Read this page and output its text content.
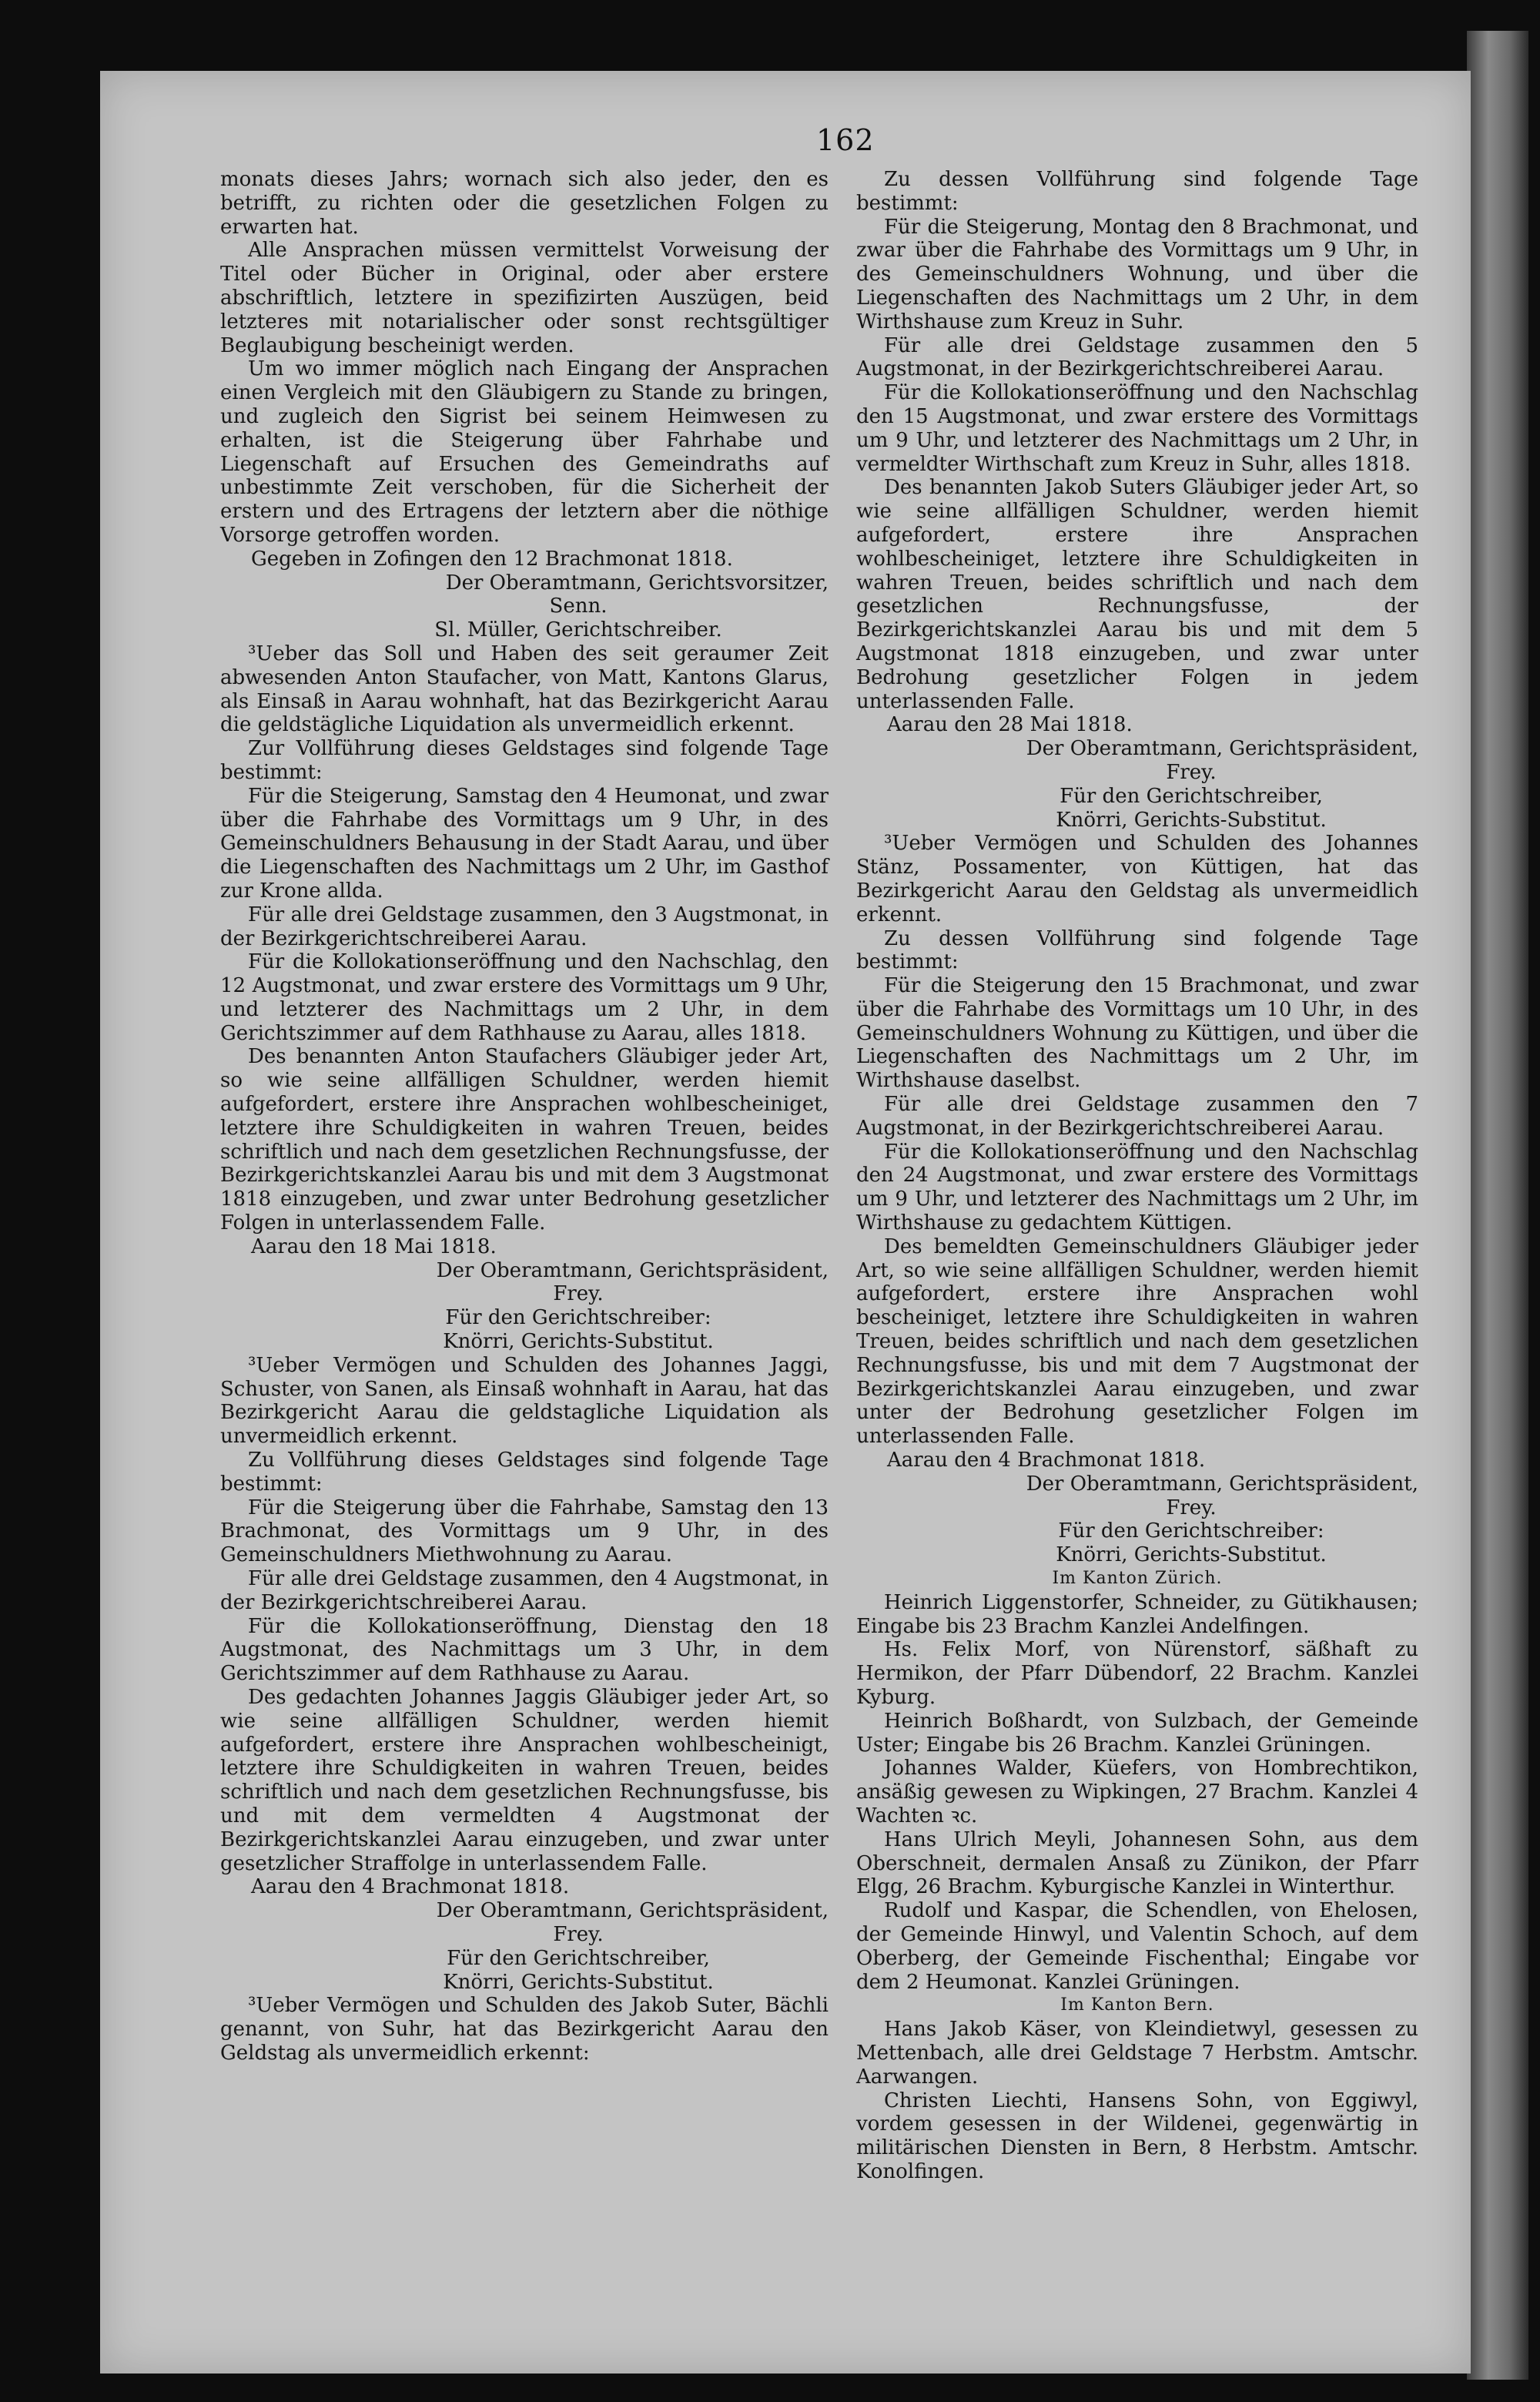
162

monats dieses Jahrs; wornach sich also jeder, den es betrifft, zu richten oder die gesetzlichen Folgen zu erwarten hat.

Alle Ansprachen müssen vermittelst Vorweisung der Titel oder Bücher in Original, oder aber erstere abschriftlich, letztere in spezifizirten Auszügen, beid letzteres mit notarialischer oder sonst rechtsgültiger Beglaubigung bescheinigt werden.

Um wo immer möglich nach Eingang der Ansprachen einen Vergleich mit den Gläubigern zu Stande zu bringen, und zugleich den Sigrist bei seinem Heimwesen zu erhalten, ist die Steigerung über Fahrhabe und Liegenschaft auf Ersuchen des Gemeindraths auf unbestimmte Zeit verschoben, für die Sicherheit der erstern und des Ertragens der letztern aber die nöthige Vorsorge getroffen worden.

Gegeben in Zofingen den 12 Brachmonat 1818.

Der Oberamtmann, Gerichtsvorsitzer,

Senn.

Sl. Müller, Gerichtschreiber.

³Ueber das Soll und Haben des seit geraumer Zeit abwesenden Anton Staufacher, von Matt, Kantons Glarus, als Einsaß in Aarau wohnhaft, hat das Bezirkgericht Aarau die geldstägliche Liquidation als unvermeidlich erkennt.

Zur Vollführung dieses Geldstages sind folgende Tage bestimmt:

Für die Steigerung, Samstag den 4 Heumonat, und zwar über die Fahrhabe des Vormittags um 9 Uhr, in des Gemeinschuldners Behausung in der Stadt Aarau, und über die Liegenschaften des Nachmittags um 2 Uhr, im Gasthof zur Krone allda.

Für alle drei Geldstage zusammen, den 3 Augstmonat, in der Bezirkgerichtschreiberei Aarau.

Für die Kollokationseröffnung und den Nachschlag, den 12 Augstmonat, und zwar erstere des Vormittags um 9 Uhr, und letzterer des Nachmittags um 2 Uhr, in dem Gerichtszimmer auf dem Rathhause zu Aarau, alles 1818.

Des benannten Anton Staufachers Gläubiger jeder Art, so wie seine allfälligen Schuldner, werden hiemit aufgefordert, erstere ihre Ansprachen wohlbescheiniget, letztere ihre Schuldigkeiten in wahren Treuen, beides schriftlich und nach dem gesetzlichen Rechnungsfusse, der Bezirkgerichtskanzlei Aarau bis und mit dem 3 Augstmonat 1818 einzugeben, und zwar unter Bedrohung gesetzlicher Folgen in unterlassendem Falle.

Aarau den 18 Mai 1818.

Der Oberamtmann, Gerichtspräsident,

Frey.

Für den Gerichtschreiber:

Knörri, Gerichts-Substitut.

³Ueber Vermögen und Schulden des Johannes Jaggi, Schuster, von Sanen, als Einsaß wohnhaft in Aarau, hat das Bezirkgericht Aarau die geldstagliche Liquidation als unvermeidlich erkennt.

Zu Vollführung dieses Geldstages sind folgende Tage bestimmt:

Für die Steigerung über die Fahrhabe, Samstag den 13 Brachmonat, des Vormittags um 9 Uhr, in des Gemeinschuldners Miethwohnung zu Aarau.

Für alle drei Geldstage zusammen, den 4 Augstmonat, in der Bezirkgerichtschreiberei Aarau.

Für die Kollokationseröffnung, Dienstag den 18 Augstmonat, des Nachmittags um 3 Uhr, in dem Gerichtszimmer auf dem Rathhause zu Aarau.

Des gedachten Johannes Jaggis Gläubiger jeder Art, so wie seine allfälligen Schuldner, werden hiemit aufgefordert, erstere ihre Ansprachen wohlbescheinigt, letztere ihre Schuldigkeiten in wahren Treuen, beides schriftlich und nach dem gesetzlichen Rechnungsfusse, bis und mit dem vermeldten 4 Augstmonat der Bezirkgerichtskanzlei Aarau einzugeben, und zwar unter gesetzlicher Straffolge in unterlassendem Falle.

Aarau den 4 Brachmonat 1818.

Der Oberamtmann, Gerichtspräsident,

Frey.

Für den Gerichtschreiber,

Knörri, Gerichts-Substitut.

³Ueber Vermögen und Schulden des Jakob Suter, Bächli genannt, von Suhr, hat das Bezirkgericht Aarau den Geldstag als unvermeidlich erkennt:

Zu dessen Vollführung sind folgende Tage bestimmt:

Für die Steigerung, Montag den 8 Brachmonat, und zwar über die Fahrhabe des Vormittags um 9 Uhr, in des Gemeinschuldners Wohnung, und über die Liegenschaften des Nachmittags um 2 Uhr, in dem Wirthshause zum Kreuz in Suhr.

Für alle drei Geldstage zusammen den 5 Augstmonat, in der Bezirkgerichtschreiberei Aarau.

Für die Kollokationseröffnung und den Nachschlag den 15 Augstmonat, und zwar erstere des Vormittags um 9 Uhr, und letzterer des Nachmittags um 2 Uhr, in vermeldter Wirthschaft zum Kreuz in Suhr, alles 1818.

Des benannten Jakob Suters Gläubiger jeder Art, so wie seine allfälligen Schuldner, werden hiemit aufgefordert, erstere ihre Ansprachen wohlbescheiniget, letztere ihre Schuldigkeiten in wahren Treuen, beides schriftlich und nach dem gesetzlichen Rechnungsfusse, der Bezirkgerichtskanzlei Aarau bis und mit dem 5 Augstmonat 1818 einzugeben, und zwar unter Bedrohung gesetzlicher Folgen in jedem unterlassenden Falle.

Aarau den 28 Mai 1818.

Der Oberamtmann, Gerichtspräsident,

Frey.

Für den Gerichtschreiber,

Knörri, Gerichts-Substitut.

³Ueber Vermögen und Schulden des Johannes Stänz, Possamenter, von Küttigen, hat das Bezirkgericht Aarau den Geldstag als unvermeidlich erkennt.

Zu dessen Vollführung sind folgende Tage bestimmt:

Für die Steigerung den 15 Brachmonat, und zwar über die Fahrhabe des Vormittags um 10 Uhr, in des Gemeinschuldners Wohnung zu Küttigen, und über die Liegenschaften des Nachmittags um 2 Uhr, im Wirthshause daselbst.

Für alle drei Geldstage zusammen den 7 Augstmonat, in der Bezirkgerichtschreiberei Aarau.

Für die Kollokationseröffnung und den Nachschlag den 24 Augstmonat, und zwar erstere des Vormittags um 9 Uhr, und letzterer des Nachmittags um 2 Uhr, im Wirthshause zu gedachtem Küttigen.

Des bemeldten Gemeinschuldners Gläubiger jeder Art, so wie seine allfälligen Schuldner, werden hiemit aufgefordert, erstere ihre Ansprachen wohl bescheiniget, letztere ihre Schuldigkeiten in wahren Treuen, beides schriftlich und nach dem gesetzlichen Rechnungsfusse, bis und mit dem 7 Augstmonat der Bezirkgerichtskanzlei Aarau einzugeben, und zwar unter der Bedrohung gesetzlicher Folgen im unterlassenden Falle.

Aarau den 4 Brachmonat 1818.

Der Oberamtmann, Gerichtspräsident,

Frey.

Für den Gerichtschreiber:

Knörri, Gerichts-Substitut.

Im Kanton Zürich.

Heinrich Liggenstorfer, Schneider, zu Gütikhausen; Eingabe bis 23 Brachm Kanzlei Andelfingen.

Hs. Felix Morf, von Nürenstorf, säßhaft zu Hermikon, der Pfarr Dübendorf, 22 Brachm. Kanzlei Kyburg.

Heinrich Boßhardt, von Sulzbach, der Gemeinde Uster; Eingabe bis 26 Brachm. Kanzlei Grüningen.

Johannes Walder, Küefers, von Hombrechtikon, ansäßig gewesen zu Wipkingen, 27 Brachm. Kanzlei 4 Wachten ꝛc.

Hans Ulrich Meyli, Johannesen Sohn, aus dem Oberschneit, dermalen Ansaß zu Zünikon, der Pfarr Elgg, 26 Brachm. Kyburgische Kanzlei in Winterthur.

Rudolf und Kaspar, die Schendlen, von Ehelosen, der Gemeinde Hinwyl, und Valentin Schoch, auf dem Oberberg, der Gemeinde Fischenthal; Eingabe vor dem 2 Heumonat. Kanzlei Grüningen.

Im Kanton Bern.

Hans Jakob Käser, von Kleindietwyl, gesessen zu Mettenbach, alle drei Geldstage 7 Herbstm. Amtschr. Aarwangen.

Christen Liechti, Hansens Sohn, von Eggiwyl, vordem gesessen in der Wildenei, gegenwärtig in militärischen Diensten in Bern, 8 Herbstm. Amtschr. Konolfingen.
